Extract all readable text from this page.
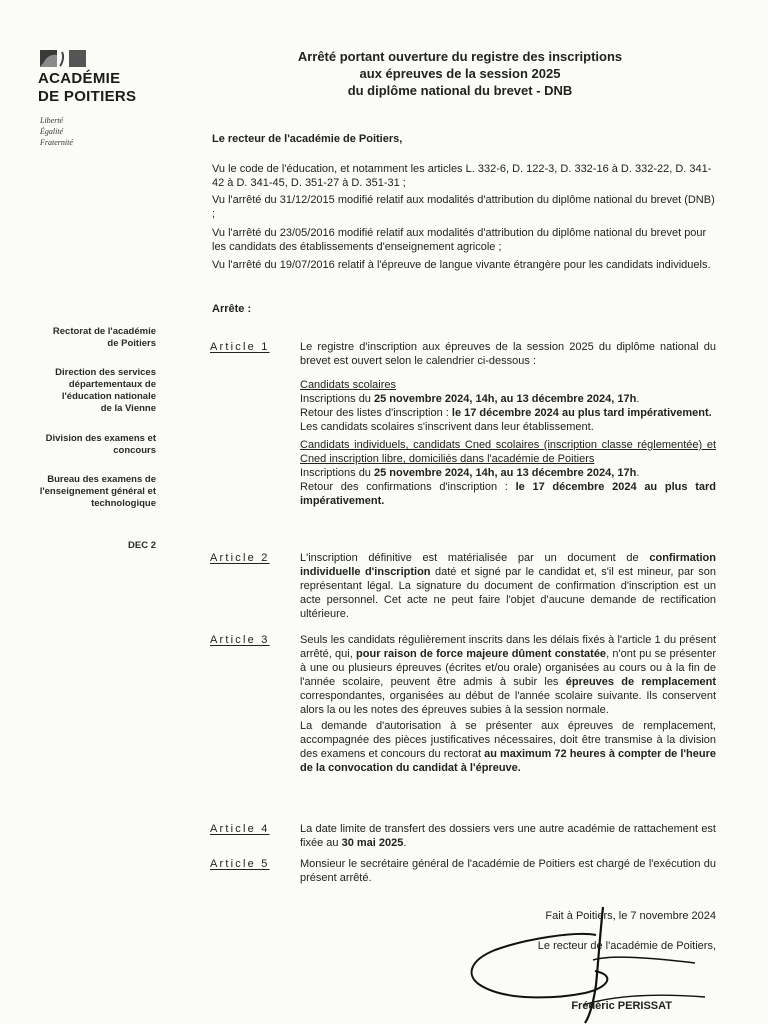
ACADÉMIE
DE POITIERS
Liberté
Égalité
Fraternité
Rectorat de l'académie
de Poitiers
Direction des services
départementaux de
l'éducation nationale
de la Vienne
Division des examens et
concours
Bureau des examens de
l'enseignement général et
technologique
DEC 2
Arrêté portant ouverture du registre des inscriptions
aux épreuves de la session 2025
du diplôme national du brevet - DNB
Le recteur de l'académie de Poitiers,
Vu le code de l'éducation, et notamment les articles L. 332-6, D. 122-3, D. 332-16 à D. 332-22, D. 341-42 à D. 341-45, D. 351-27 à D. 351-31 ;
Vu l'arrêté du 31/12/2015 modifié relatif aux modalités d'attribution du diplôme national du brevet (DNB) ;
Vu l'arrêté du 23/05/2016 modifié relatif aux modalités d'attribution du diplôme national du brevet pour les candidats des établissements d'enseignement agricole ;
Vu l'arrêté du 19/07/2016 relatif à l'épreuve de langue vivante étrangère pour les candidats individuels.
Arrête :
Article 1	Le registre d'inscription aux épreuves de la session 2025 du diplôme national du brevet est ouvert selon le calendrier ci-dessous :

Candidats scolaires

Inscriptions du 25 novembre 2024, 14h, au 13 décembre 2024, 17h.

Retour des listes d'inscription : le 17 décembre 2024 au plus tard impérativement.

Les candidats scolaires s'inscrivent dans leur établissement.

Candidats individuels, candidats Cned scolaires (inscription classe réglementée) et Cned inscription libre, domiciliés dans l'académie de Poitiers

Inscriptions du 25 novembre 2024, 14h, au 13 décembre 2024, 17h.

Retour des confirmations d'inscription : le 17 décembre 2024 au plus tard impérativement.

Article 2	L'inscription définitive est matérialisée par un document de confirmation individuelle d'inscription daté et signé par le candidat et, s'il est mineur, par son représentant légal. La signature du document de confirmation d'inscription est un acte personnel. Cet acte ne peut faire l'objet d'aucune demande de rectification ultérieure.

Article 3	Seuls les candidats régulièrement inscrits dans les délais fixés à l'article 1 du présent arrêté, qui, pour raison de force majeure dûment constatée, n'ont pu se présenter à une ou plusieurs épreuves (écrites et/ou orale) organisées au cours ou à la fin de l'année scolaire, peuvent être admis à subir les épreuves de remplacement correspondantes, organisées au début de l'année scolaire suivante. Ils conservent alors la ou les notes des épreuves subies à la session normale.

La demande d'autorisation à se présenter aux épreuves de remplacement, accompagnée des pièces justificatives nécessaires, doit être transmise à la division des examens et concours du rectorat au maximum 72 heures à compter de l'heure de la convocation du candidat à l'épreuve.

Article 4	La date limite de transfert des dossiers vers une autre académie de rattachement est fixée au 30 mai 2025.

Article 5	Monsieur le secrétaire général de l'académie de Poitiers est chargé de l'exécution du présent arrêté.

Fait à Poitiers, le 7 novembre 2024
Le recteur de l'académie de Poitiers,
Frédéric PERISSAT
